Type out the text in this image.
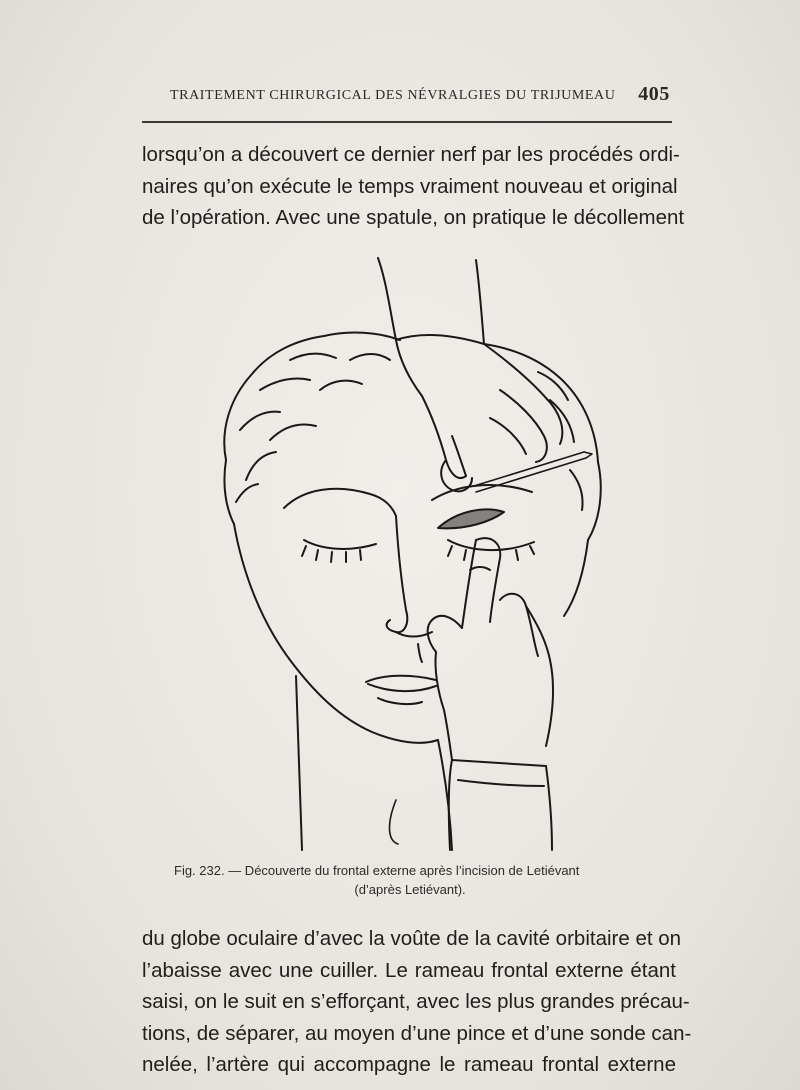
TRAITEMENT CHIRURGICAL DES NÉVRALGIES DU TRIJUMEAU 405
lorsqu’on a découvert ce dernier nerf par les procédés ordi-
naires qu’on exécute le temps vraiment nouveau et original
de l’opération. Avec une spatule, on pratique le décollement
Fig. 232. — Découverte du frontal externe après l’incision de Letiévant
(d’après Letiévant).
du globe oculaire d’avec la voûte de la cavité orbitaire et on
l’abaisse avec une cuiller. Le rameau frontal externe étant
saisi, on le suit en s’efforçant, avec les plus grandes précau-
tions, de séparer, au moyen d’une pince et d’une sonde can-
nelée, l’artère qui accompagne le rameau frontal externe
